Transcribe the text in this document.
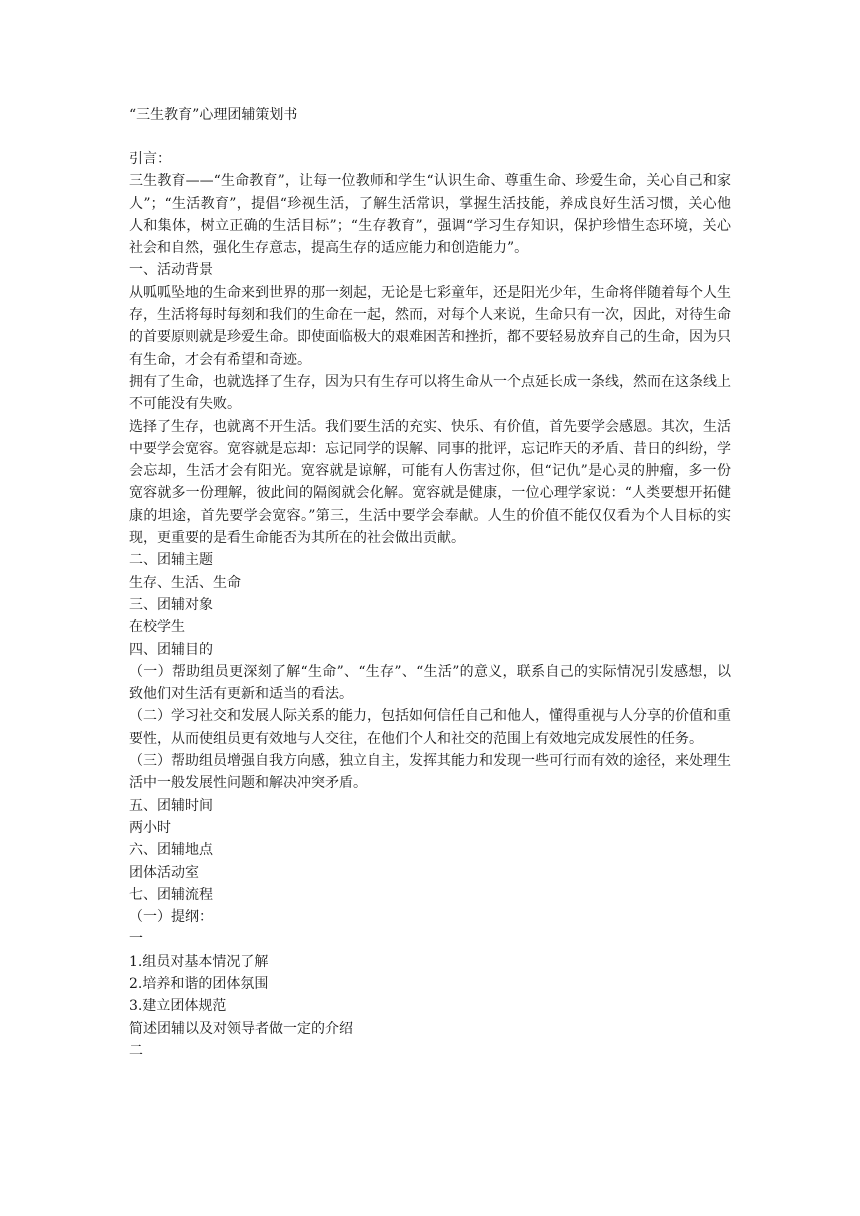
“三生教育”心理团辅策划书

引言：

三生教育——“生命教育”，让每一位教师和学生“认识生命、尊重生命、珍爱生命，关心自己和家人”；“生活教育”，提倡“珍视生活，了解生活常识，掌握生活技能，养成良好生活习惯，关心他人和集体，树立正确的生活目标”；“生存教育”，强调“学习生存知识，保护珍惜生态环境，关心社会和自然，强化生存意志，提高生存的适应能力和创造能力”。

一、活动背景

从呱呱坠地的生命来到世界的那一刻起，无论是七彩童年，还是阳光少年，生命将伴随着每个人生存，生活将每时每刻和我们的生命在一起，然而，对每个人来说，生命只有一次，因此，对待生命的首要原则就是珍爱生命。即使面临极大的艰难困苦和挫折，都不要轻易放弃自己的生命，因为只有生命，才会有希望和奇迹。

拥有了生命，也就选择了生存，因为只有生存可以将生命从一个点延长成一条线，然而在这条线上不可能没有失败。

选择了生存，也就离不开生活。我们要生活的充实、快乐、有价值，首先要学会感恩。其次，生活中要学会宽容。宽容就是忘却：忘记同学的误解、同事的批评，忘记昨天的矛盾、昔日的纠纷，学会忘却，生活才会有阳光。宽容就是谅解，可能有人伤害过你，但“记仇”是心灵的肿瘤，多一份宽容就多一份理解，彼此间的隔阂就会化解。宽容就是健康，一位心理学家说：“人类要想开拓健康的坦途，首先要学会宽容。”第三，生活中要学会奉献。人生的价值不能仅仅看为个人目标的实现，更重要的是看生命能否为其所在的社会做出贡献。

二、团辅主题

生存、生活、生命

三、团辅对象

在校学生

四、团辅目的

（一）帮助组员更深刻了解“生命”、“生存”、“生活”的意义，联系自己的实际情况引发感想，以致他们对生活有更新和适当的看法。

（二）学习社交和发展人际关系的能力，包括如何信任自己和他人，懂得重视与人分享的价值和重要性，从而使组员更有效地与人交往，在他们个人和社交的范围上有效地完成发展性的任务。

（三）帮助组员增强自我方向感，独立自主，发挥其能力和发现一些可行而有效的途径，来处理生活中一般发展性问题和解决冲突矛盾。

五、团辅时间

两小时

六、团辅地点

团体活动室

七、团辅流程

（一）提纲：

一

1.组员对基本情况了解

2.培养和谐的团体氛围

3.建立团体规范

简述团辅以及对领导者做一定的介绍

二
